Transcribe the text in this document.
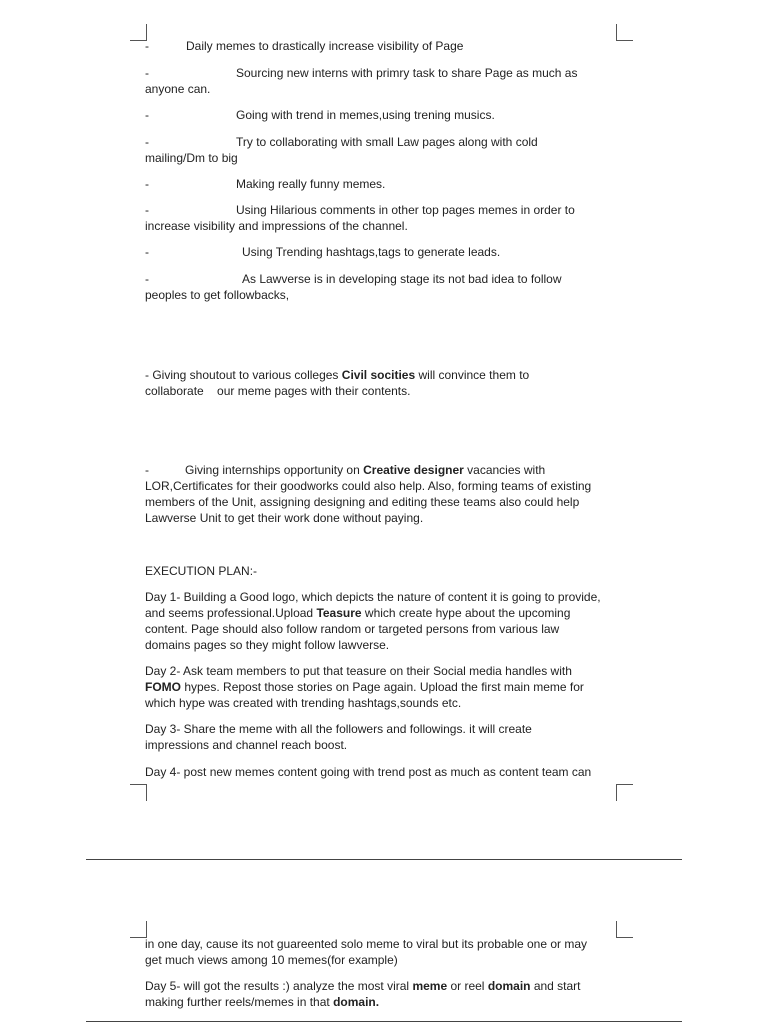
-	Daily memes to drastically increase visibility of Page
-	Sourcing new interns with primry task to share Page as much as
anyone can.
-	Going with trend in memes,using trening musics.
-	Try to collaborating with small Law pages along with cold
mailing/Dm to big
-	Making really funny memes.
-	Using Hilarious comments in other top pages memes in order to
increase visibility and impressions of the channel.
-	Using Trending hashtags,tags to generate leads.
-	As Lawverse is in developing stage its not bad idea to follow
peoples to get followbacks,
- Giving shoutout to various colleges Civil socities will convince them to
collaborate    our meme pages with their contents.
-	Giving internships opportunity on Creative designer vacancies with
LOR,Certificates for their goodworks could also help. Also, forming teams of existing
members of the Unit, assigning designing and editing these teams also could help
Lawverse Unit to get their work done without paying.
EXECUTION PLAN:-
Day 1- Building a Good logo, which depicts the nature of content it is going to provide,
and seems professional.Upload Teasure which create hype about the upcoming
content. Page should also follow random or targeted persons from various law
domains pages so they might follow lawverse.
Day 2- Ask team members to put that teasure on their Social media handles with
FOMO hypes. Repost those stories on Page again. Upload the first main meme for
which hype was created with trending hashtags,sounds etc.
Day 3- Share the meme with all the followers and followings. it will create
impressions and channel reach boost.
Day 4- post new memes content going with trend post as much as content team can
in one day, cause its not guareented solo meme to viral but its probable one or may
get much views among 10 memes(for example)
Day 5- will got the results :) analyze the most viral meme or reel domain and start
making further reels/memes in that domain.
